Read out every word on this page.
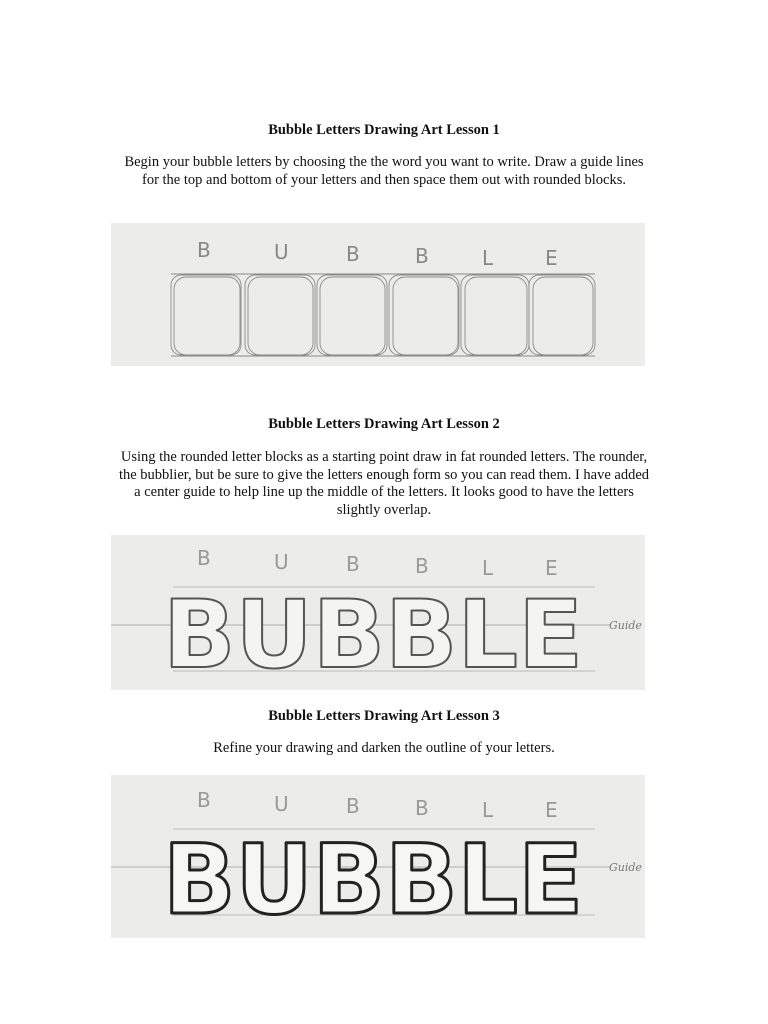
Bubble Letters Drawing Art Lesson 1
Begin your bubble letters by choosing the the word you want to write. Draw a guide lines for the top and bottom of your letters and then space them out with rounded blocks.
B	U	B	B	L	E
Bubble Letters Drawing Art Lesson 2
Using the rounded letter blocks as a starting point draw in fat rounded letters. The rounder, the bubblier, but be sure to give the letters enough form so you can read them. I have added a center guide to help line up the middle of the letters. It looks good to have the letters slightly overlap.
B	U	B	B	L	E
BUBBLE Guide
Bubble Letters Drawing Art Lesson 3
Refine your drawing and darken the outline of your letters.
B	U	B	B	L	E
BUBBLE Guide
